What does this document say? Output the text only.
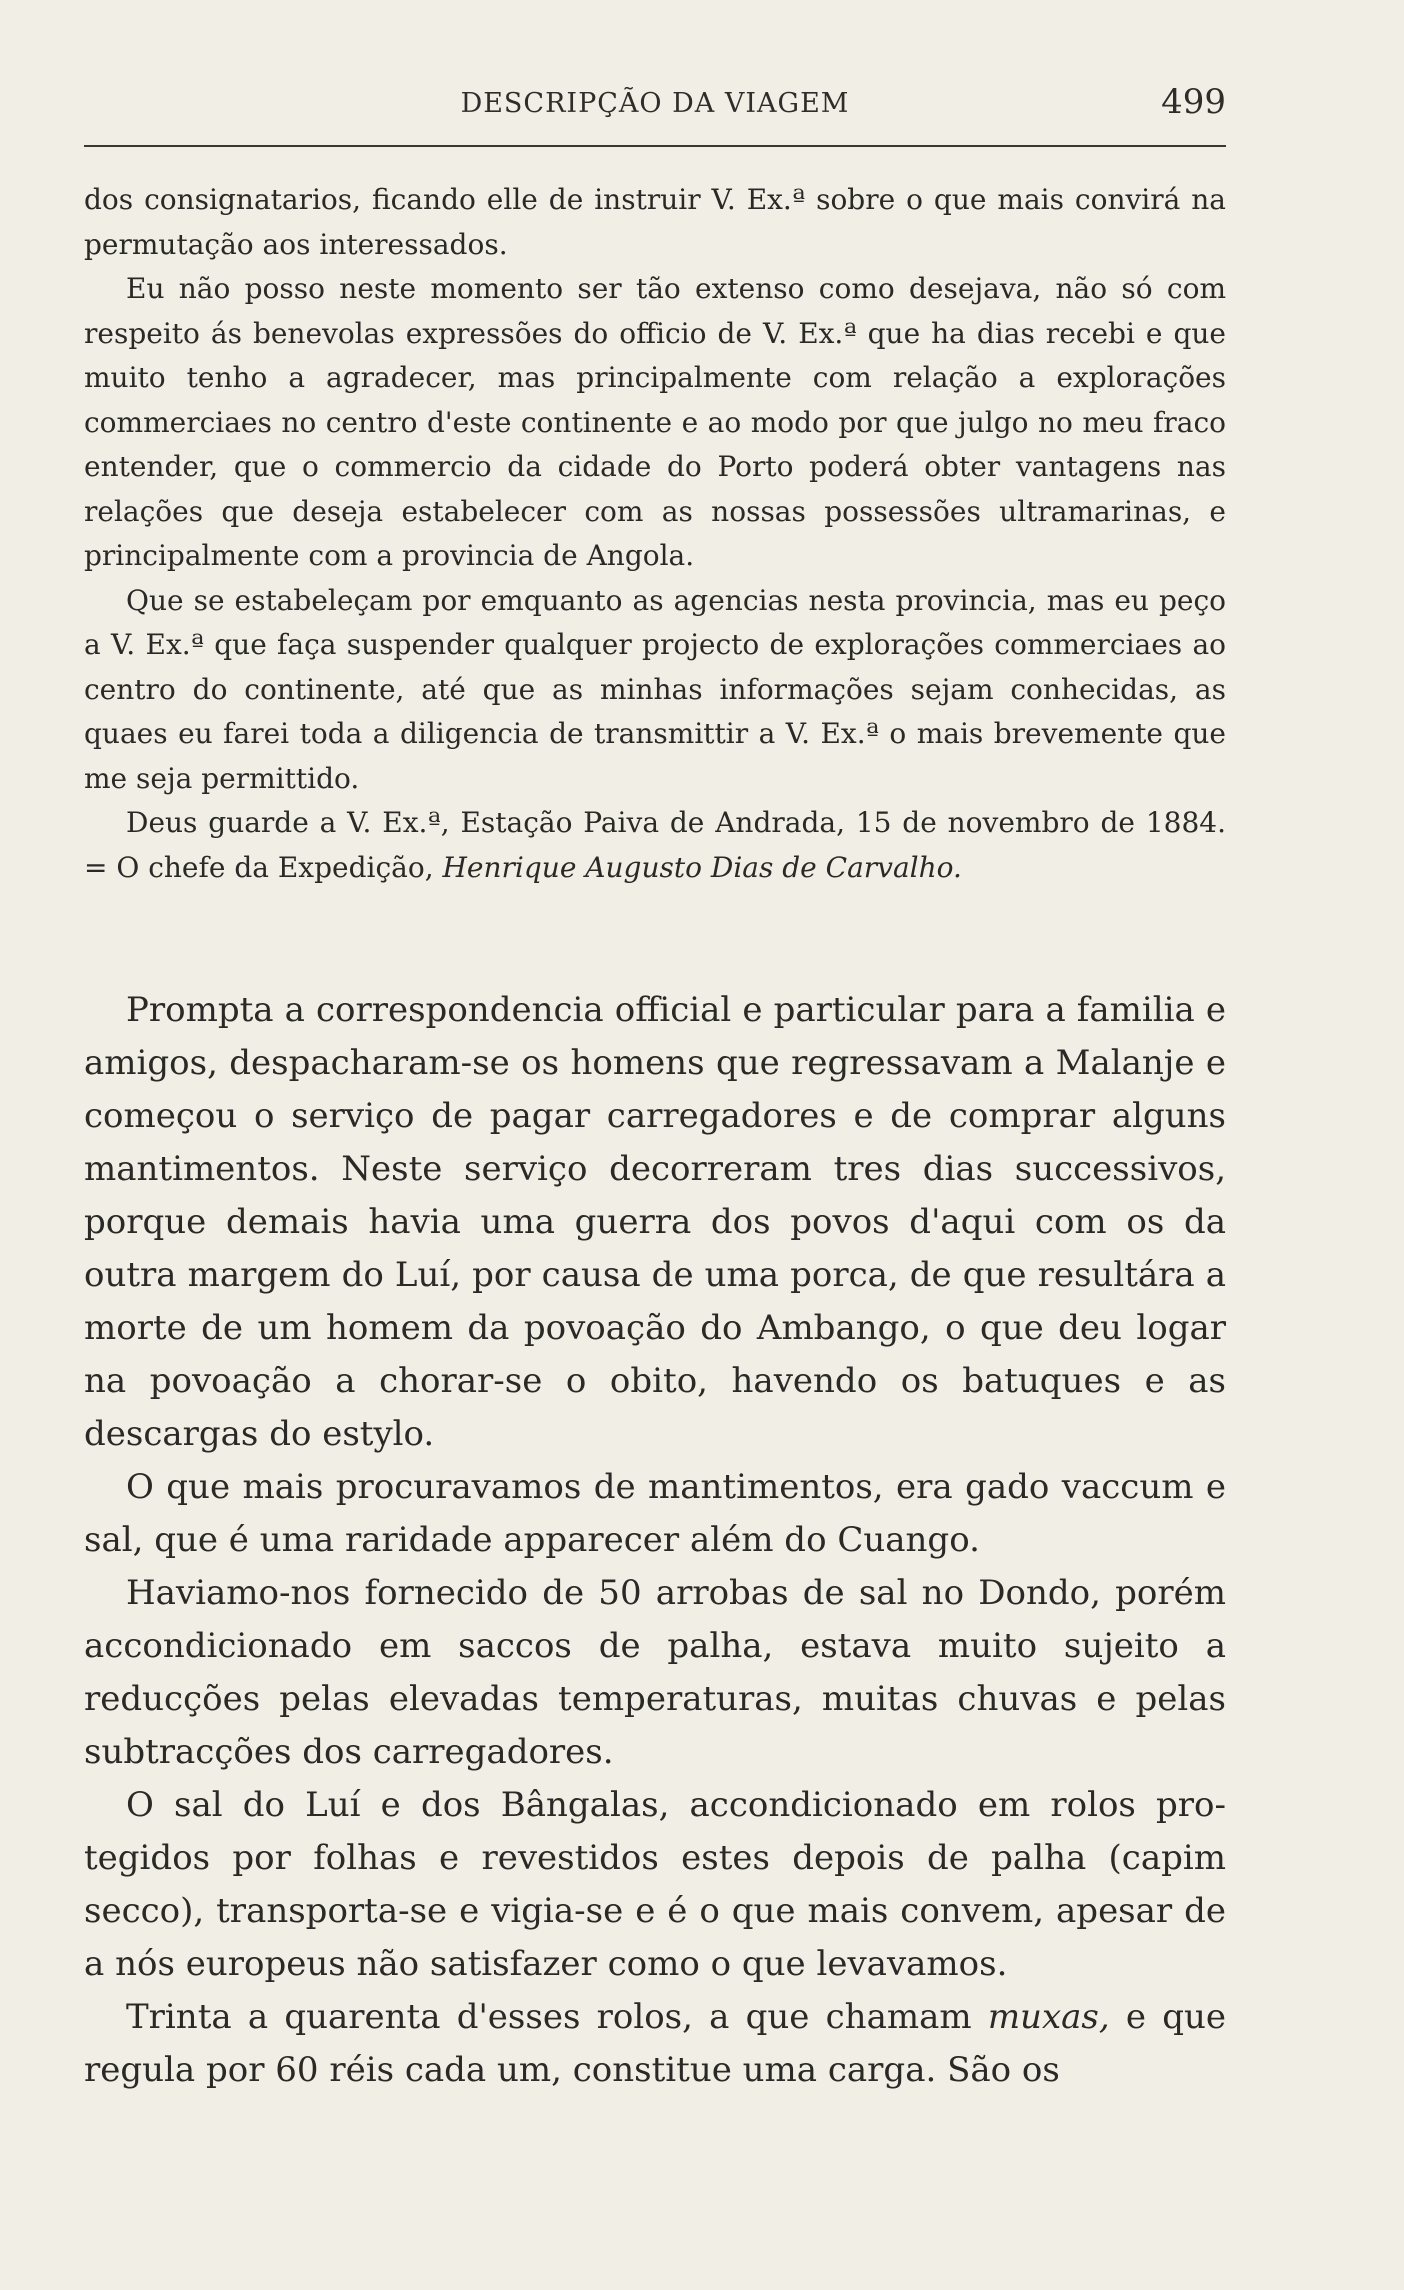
DESCRIPÇÃO DA VIAGEM	499

dos consignatarios, ficando elle de instruir V. Ex.ª sobre o que mais convirá na permutação aos interessados.

Eu não posso neste momento ser tão extenso como desejava, não só com respeito ás benevolas expressões do officio de V. Ex.ª que ha dias recebi e que muito tenho a agradecer, mas principalmente com relação a explorações commerciaes no centro d'este continente e ao modo por que julgo no meu fraco entender, que o commercio da cidade do Porto poderá obter vantagens nas relações que deseja estabelecer com as nossas possessões ultramarinas, e principalmente com a provincia de Angola.

Que se estabeleçam por emquanto as agencias nesta provincia, mas eu peço a V. Ex.ª que faça suspender qualquer projecto de explorações commerciaes ao centro do continente, até que as minhas informações sejam conhecidas, as quaes eu farei toda a diligencia de transmittir a V. Ex.ª o mais brevemente que me seja permittido.

Deus guarde a V. Ex.ª, Estação Paiva de Andrada, 15 de novembro de 1884. = O chefe da Expedição, Henrique Augusto Dias de Carvalho.

Prompta a correspondencia official e particular para a familia e amigos, despacharam-se os homens que regressavam a Malanje e começou o serviço de pagar carregadores e de comprar alguns mantimentos. Neste serviço decorreram tres dias successivos, porque demais havia uma guerra dos povos d'aqui com os da outra margem do Luí, por causa de uma porca, de que resultára a morte de um homem da povoação do Ambango, o que deu logar na povoação a chorar-se o obito, havendo os batuques e as descargas do estylo.

O que mais procuravamos de mantimentos, era gado vaccum e sal, que é uma raridade apparecer além do Cuango.

Haviamo-nos fornecido de 50 arrobas de sal no Dondo, porém accondicionado em saccos de palha, estava muito sujeito a reducções pelas elevadas temperaturas, muitas chuvas e pelas subtracções dos carregadores.

O sal do Luí e dos Bângalas, accondicionado em rolos protegidos por folhas e revestidos estes depois de palha (capim secco), transporta-se e vigia-se e é o que mais convem, apesar de a nós europeus não satisfazer como o que levavamos.

Trinta a quarenta d'esses rolos, a que chamam muxas, e que regula por 60 réis cada um, constitue uma carga. São os
